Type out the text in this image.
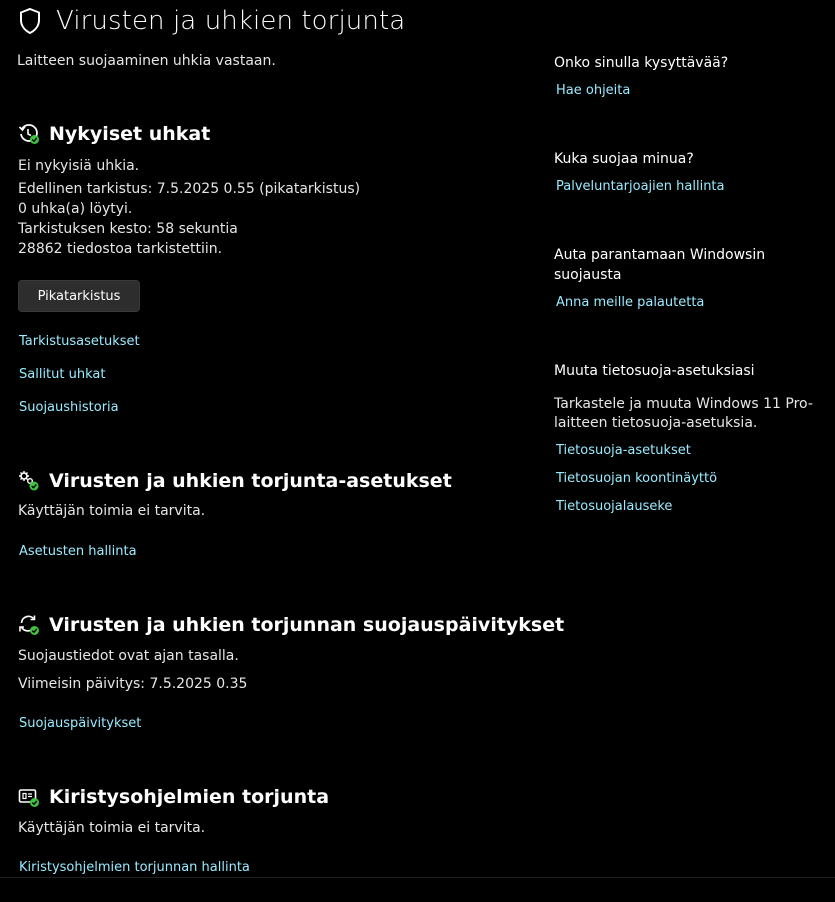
Virusten ja uhkien torjunta
Laitteen suojaaminen uhkia vastaan.
Nykyiset uhkat
Ei nykyisiä uhkia.
Edellinen tarkistus: 7.5.2025 0.55 (pikatarkistus)
0 uhka(a) löytyi.
Tarkistuksen kesto: 58 sekuntia
28862 tiedostoa tarkistettiin.
Pikatarkistus
Tarkistusasetukset
Sallitut uhkat
Suojaushistoria
Virusten ja uhkien torjunta-asetukset
Käyttäjän toimia ei tarvita.
Asetusten hallinta
Virusten ja uhkien torjunnan suojauspäivitykset
Suojaustiedot ovat ajan tasalla.
Viimeisin päivitys: 7.5.2025 0.35
Suojauspäivitykset
Kiristysohjelmien torjunta
Käyttäjän toimia ei tarvita.
Kiristysohjelmien torjunnan hallinta
Onko sinulla kysyttävää?
Hae ohjeita
Kuka suojaa minua?
Palveluntarjoajien hallinta
Auta parantamaan Windowsin
suojausta
Anna meille palautetta
Muuta tietosuoja-asetuksiasi
Tarkastele ja muuta Windows 11 Pro-
laitteen tietosuoja-asetuksia.
Tietosuoja-asetukset
Tietosuojan koontinäyttö
Tietosuojalauseke
